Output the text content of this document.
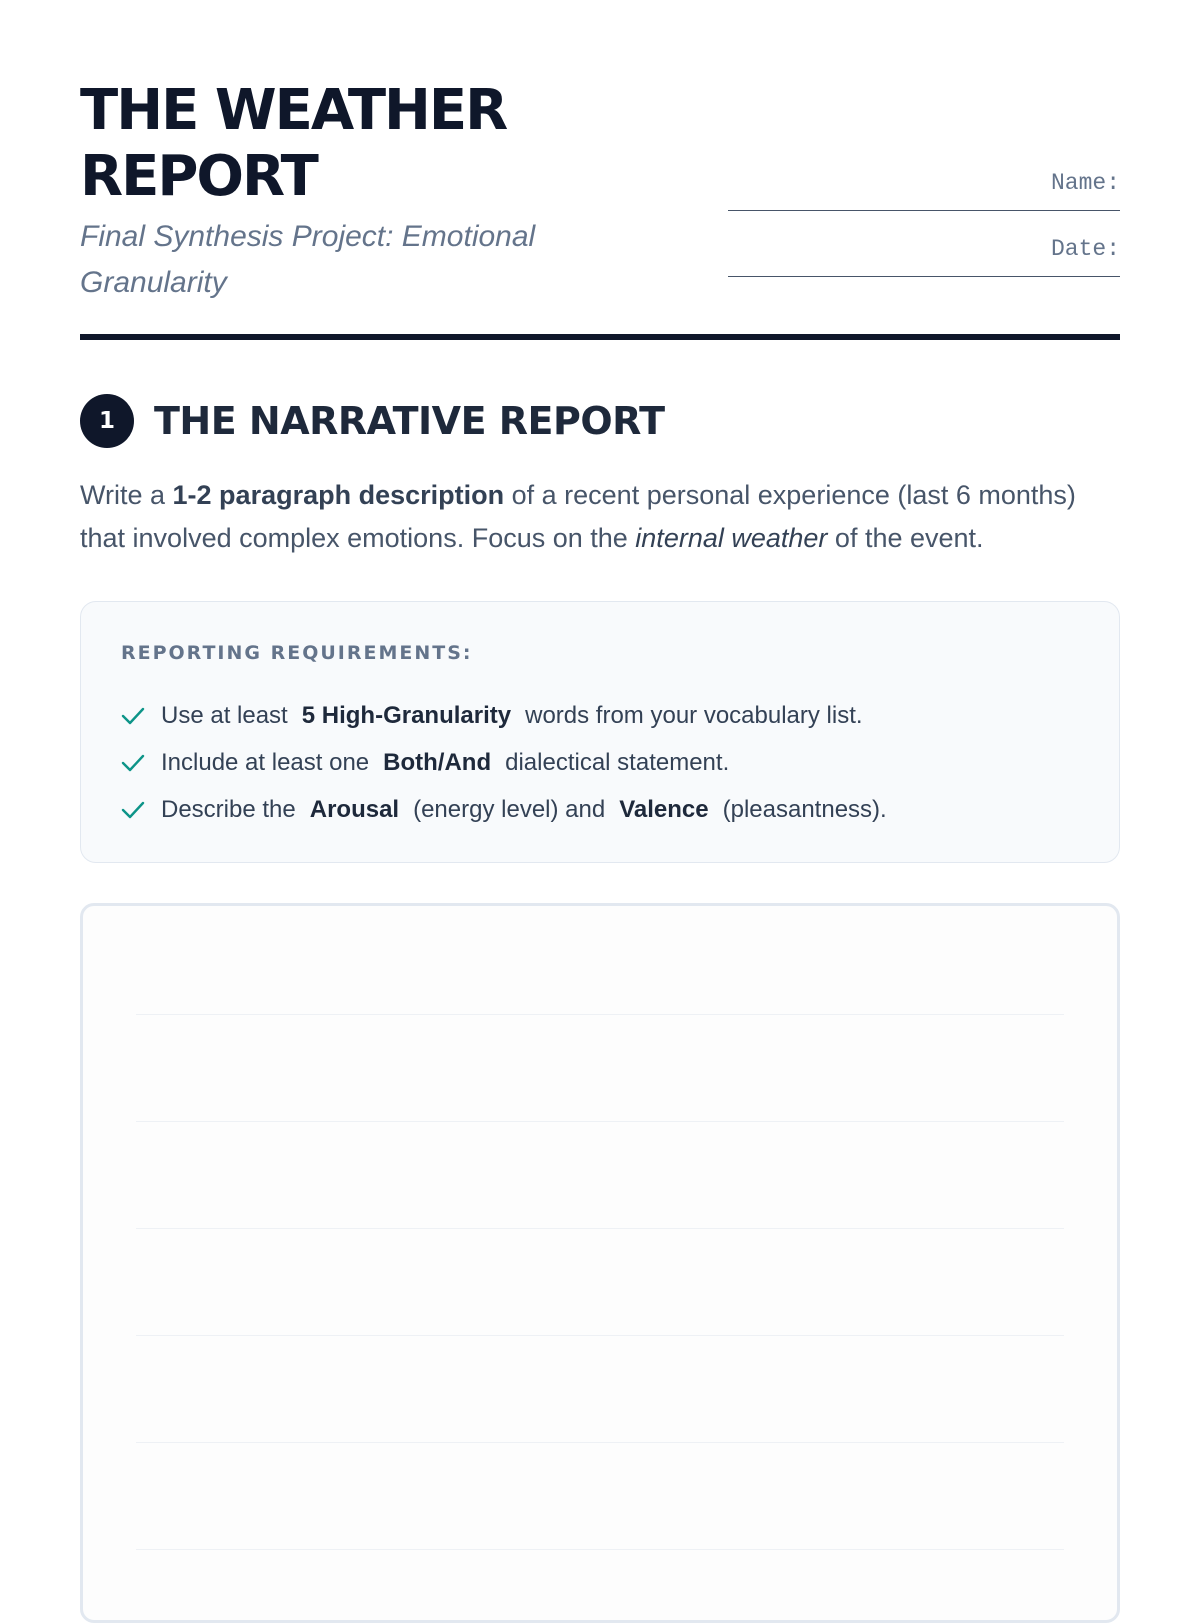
THE WEATHER
REPORT

Final Synthesis Project: Emotional Granularity

Name:
Date:
1	THE NARRATIVE REPORT

Write a 1-2 paragraph description of a recent personal experience (last 6 months) that involved complex emotions. Focus on the internal weather of the event.

REPORTING REQUIREMENTS:
Use at least 5 High-Granularity words from your vocabulary list.
Include at least one Both/And dialectical statement.
Describe the Arousal (energy level) and Valence (pleasantness).
